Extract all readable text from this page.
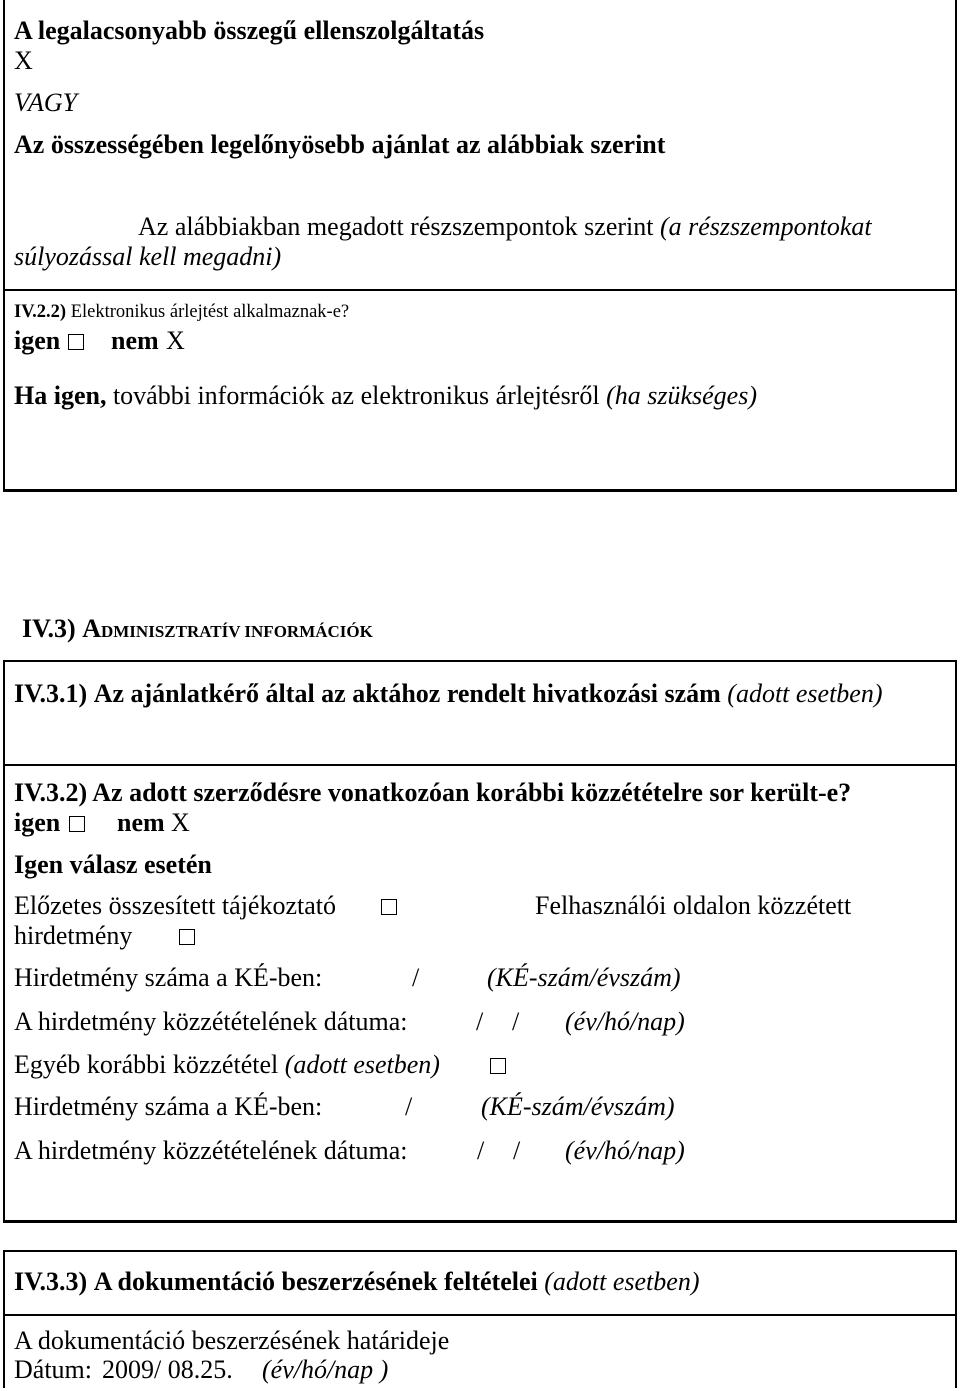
A legalacsonyabb összegű ellenszolgáltatás
X
VAGY
Az összességében legelőnyösebb ajánlat az alábbiak szerint
Az alábbiakban megadott részszempontok szerint (a részszempontokat
súlyozással kell megadni)
IV.2.2) Elektronikus árlejtést alkalmaznak-e?
igen nem X
Ha igen, további információk az elektronikus árlejtésről (ha szükséges)
IV.3) ADMINISZTRATÍV INFORMÁCIÓK
IV.3.1) Az ajánlatkérő által az aktához rendelt hivatkozási szám (adott esetben)
IV.3.2) Az adott szerződésre vonatkozóan korábbi közzétételre sor került-e?
igen nem X
Igen válasz esetén
Előzetes összesített tájékoztató	Felhasználói oldalon közzétett
hirdetmény
Hirdetmény száma a KÉ-ben:	/	(KÉ-szám/évszám)
A hirdetmény közzétételének dátuma:	/ / (év/hó/nap)
Egyéb korábbi közzététel (adott esetben)
Hirdetmény száma a KÉ-ben:	/	(KÉ-szám/évszám)
A hirdetmény közzétételének dátuma:	/ / (év/hó/nap)
IV.3.3) A dokumentáció beszerzésének feltételei (adott esetben)
A dokumentáció beszerzésének határideje
Dátum: 2009/ 08.25. (év/hó/nap )
